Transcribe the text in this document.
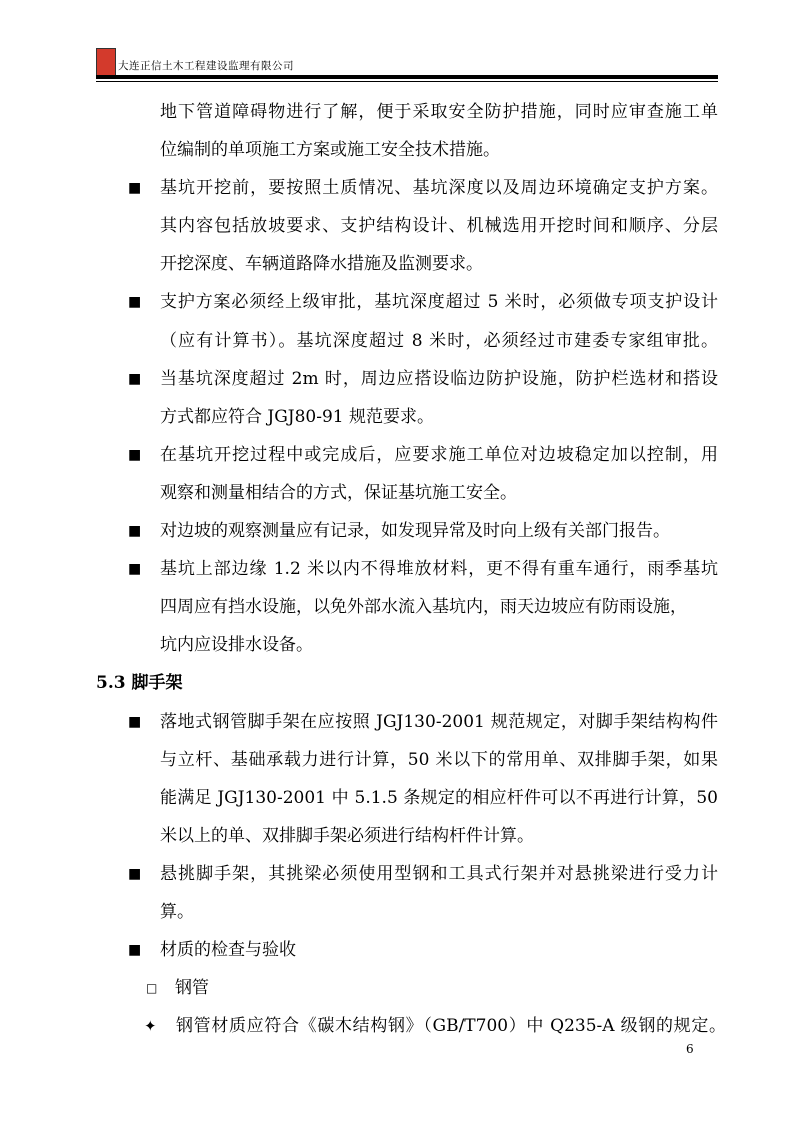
大连正信土木工程建设监理有限公司
地下管道障碍物进行了解，便于采取安全防护措施，同时应审查施工单
位编制的单项施工方案或施工安全技术措施。
■ 基坑开挖前，要按照土质情况、基坑深度以及周边环境确定支护方案。
其内容包括放坡要求、支护结构设计、机械选用开挖时间和顺序、分层
开挖深度、车辆道路降水措施及监测要求。
■ 支护方案必须经上级审批，基坑深度超过 5 米时，必须做专项支护设计
（应有计算书）。基坑深度超过 8 米时，必须经过市建委专家组审批。
■ 当基坑深度超过 2m 时，周边应搭设临边防护设施，防护栏选材和搭设
方式都应符合 JGJ80-91 规范要求。
■ 在基坑开挖过程中或完成后，应要求施工单位对边坡稳定加以控制，用
观察和测量相结合的方式，保证基坑施工安全。
■ 对边坡的观察测量应有记录，如发现异常及时向上级有关部门报告。
■ 基坑上部边缘 1.2 米以内不得堆放材料，更不得有重车通行，雨季基坑
四周应有挡水设施，以免外部水流入基坑内，雨天边坡应有防雨设施，
坑内应设排水设备。
5.3 脚手架
■ 落地式钢管脚手架在应按照 JGJ130-2001 规范规定，对脚手架结构构件
与立杆、基础承载力进行计算，50 米以下的常用单、双排脚手架，如果
能满足 JGJ130-2001 中 5.1.5 条规定的相应杆件可以不再进行计算，50
米以上的单、双排脚手架必须进行结构杆件计算。
■ 悬挑脚手架，其挑梁必须使用型钢和工具式行架并对悬挑梁进行受力计
算。
■ 材质的检查与验收
□ 钢管
✦ 钢管材质应符合《碳木结构钢》（GB/T700）中 Q235-A 级钢的规定。
6
